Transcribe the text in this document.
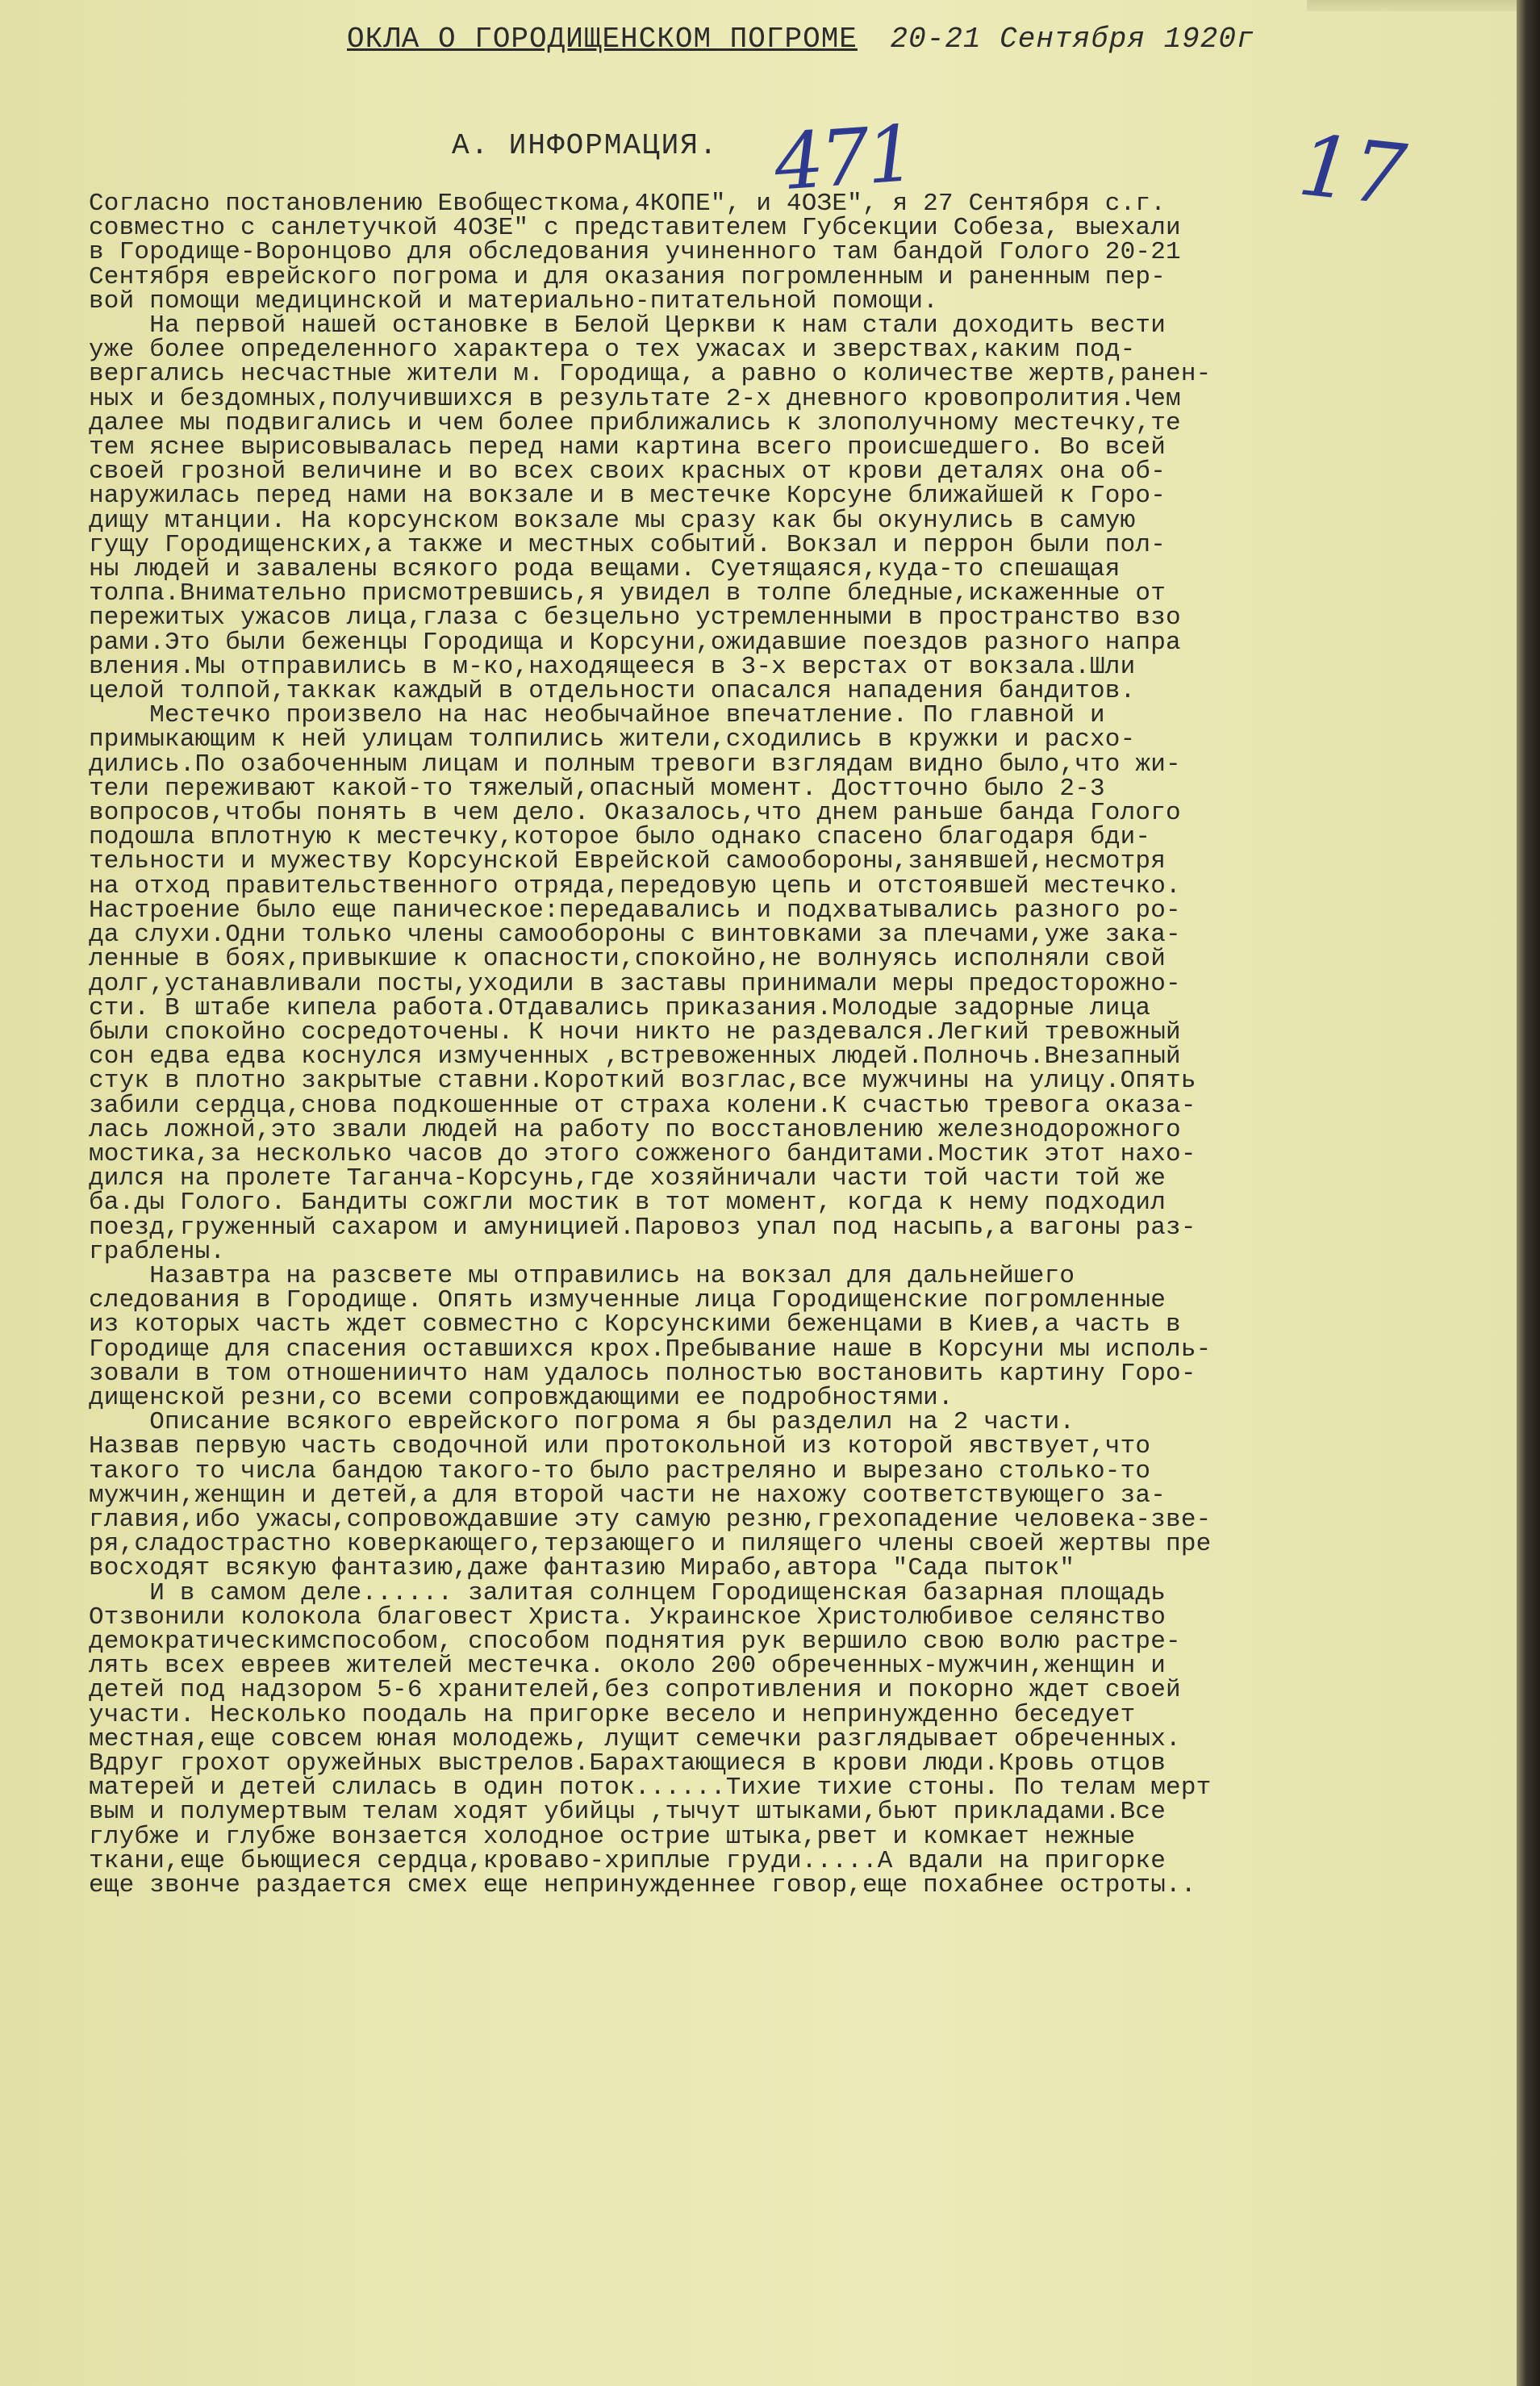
ОКЛА О ГОРОДИЩЕНСКОМ ПОГРОМЕ 20-21 Сентября 1920г
А. ИНФОРМАЦИЯ. 471	17

Согласно постановлению Евобщесткома,4КОПЕ", и 4ОЗЕ", я 27 Сентября с.г.

совместно с санлетучкой 4ОЗЕ" с представителем Губсекции Собеза, выехали

в Городище-Воронцово для обследования учиненного там бандой Голого 20-21

Сентября еврейского погрома и для оказания погромленным и раненным пер-

вой помощи медицинской и материально-питательной помощи.

На первой нашей остановке в Белой Церкви к нам стали доходить вести

уже более определенного характера о тех ужасах и зверствах,каким под-

вергались несчастные жители м. Городища, а равно о количестве жертв,ранен-

ных и бездомных,получившихся в результате 2-х дневного кровопролития.Чем

далее мы подвигались и чем более приближались к злополучному местечку,те

тем яснее вырисовывалась перед нами картина всего происшедшего. Во всей

своей грозной величине и во всех своих красных от крови деталях она об-

наружилась перед нами на вокзале и в местечке Корсуне ближайшей к Горо-

дищу мтанции. На корсунском вокзале мы сразу как бы окунулись в самую

гущу Городищенских,а также и местных событий. Вокзал и перрон были пол-

ны людей и завалены всякого рода вещами. Суетящаяся,куда-то спешащая

толпа.Внимательно присмотревшись,я увидел в толпе бледные,искаженные от

пережитых ужасов лица,глаза с безцельно устремленными в пространство взо

рами.Это были беженцы Городища и Корсуни,ожидавшие поездов разного напра

вления.Мы отправились в м-ко,находящееся в 3-х верстах от вокзала.Шли

целой толпой,таккак каждый в отдельности опасался нападения бандитов.

Местечко произвело на нас необычайное впечатление. По главной и

примыкающим к ней улицам толпились жители,сходились в кружки и расхо-

дились.По озабоченным лицам и полным тревоги взглядам видно было,что жи-

тели переживают какой-то тяжелый,опасный момент. Достточно было 2-3

вопросов,чтобы понять в чем дело. Оказалось,что днем раньше банда Голого

подошла вплотную к местечку,которое было однако спасено благодаря бди-

тельности и мужеству Корсунской Еврейской самообороны,занявшей,несмотря

на отход правительственного отряда,передовую цепь и отстоявшей местечко.

Настроение было еще паническое:передавались и подхватывались разного ро-

да слухи.Одни только члены самообороны с винтовками за плечами,уже зака-

ленные в боях,привыкшие к опасности,спокойно,не волнуясь исполняли свой

долг,устанавливали посты,уходили в заставы принимали меры предосторожно-

сти. В штабе кипела работа.Отдавались приказания.Молодые задорные лица

были спокойно сосредоточены. К ночи никто не раздевался.Легкий тревожный

сон едва едва коснулся измученных ,встревоженных людей.Полночь.Внезапный

стук в плотно закрытые ставни.Короткий возглас,все мужчины на улицу.Опять

забили сердца,снова подкошенные от страха колени.К счастью тревога оказа-

лась ложной,это звали людей на работу по восстановлению железнодорожного

мостика,за несколько часов до этого сожженого бандитами.Мостик этот нахо-

дился на пролете Таганча-Корсунь,где хозяйничали части той части той же

ба.ды Голого. Бандиты сожгли мостик в тот момент, когда к нему подходил

поезд,груженный сахаром и амуницией.Паровоз упал под насыпь,а вагоны раз-

граблены.

Назавтра на разсвете мы отправились на вокзал для дальнейшего

следования в Городище. Опять измученные лица Городищенские погромленные

из которых часть ждет совместно с Корсунскими беженцами в Киев,а часть в

Городище для спасения оставшихся крох.Пребывание наше в Корсуни мы исполь-

зовали в том отношениичто нам удалось полностью востановить картину Горо-

дищенской резни,со всеми сопровждающими ее подробностями.

Описание всякого еврейского погрома я бы разделил на 2 части.

Назвав первую часть сводочной или протокольной из которой явствует,что

такого то числа бандою такого-то было растреляно и вырезано столько-то

мужчин,женщин и детей,а для второй части не нахожу соответствующего за-

главия,ибо ужасы,сопровождавшие эту самую резню,грехопадение человека-зве-

ря,сладострастно коверкающего,терзающего и пилящего члены своей жертвы пре

восходят всякую фантазию,даже фантазию Мирабо,автора "Сада пыток"

И в самом деле...... залитая солнцем Городищенская базарная площадь

Отзвонили колокола благовест Христа. Украинское Христолюбивое селянство

демократическимспособом, способом поднятия рук вершило свою волю растре-

лять всех евреев жителей местечка. около 200 обреченных-мужчин,женщин и

детей под надзором 5-6 хранителей,без сопротивления и покорно ждет своей

участи. Несколько поодаль на пригорке весело и непринужденно беседует

местная,еще совсем юная молодежь, лущит семечки разглядывает обреченных.

Вдруг грохот оружейных выстрелов.Барахтающиеся в крови люди.Кровь отцов

матерей и детей слилась в один поток......Тихие тихие стоны. По телам мерт

вым и полумертвым телам ходят убийцы ,тычут штыками,бьют прикладами.Все

глубже и глубже вонзается холодное острие штыка,рвет и комкает нежные

ткани,еще бьющиеся сердца,кроваво-хриплые груди.....А вдали на пригорке

еще звонче раздается смех еще непринужденнее говор,еще похабнее остроты..
